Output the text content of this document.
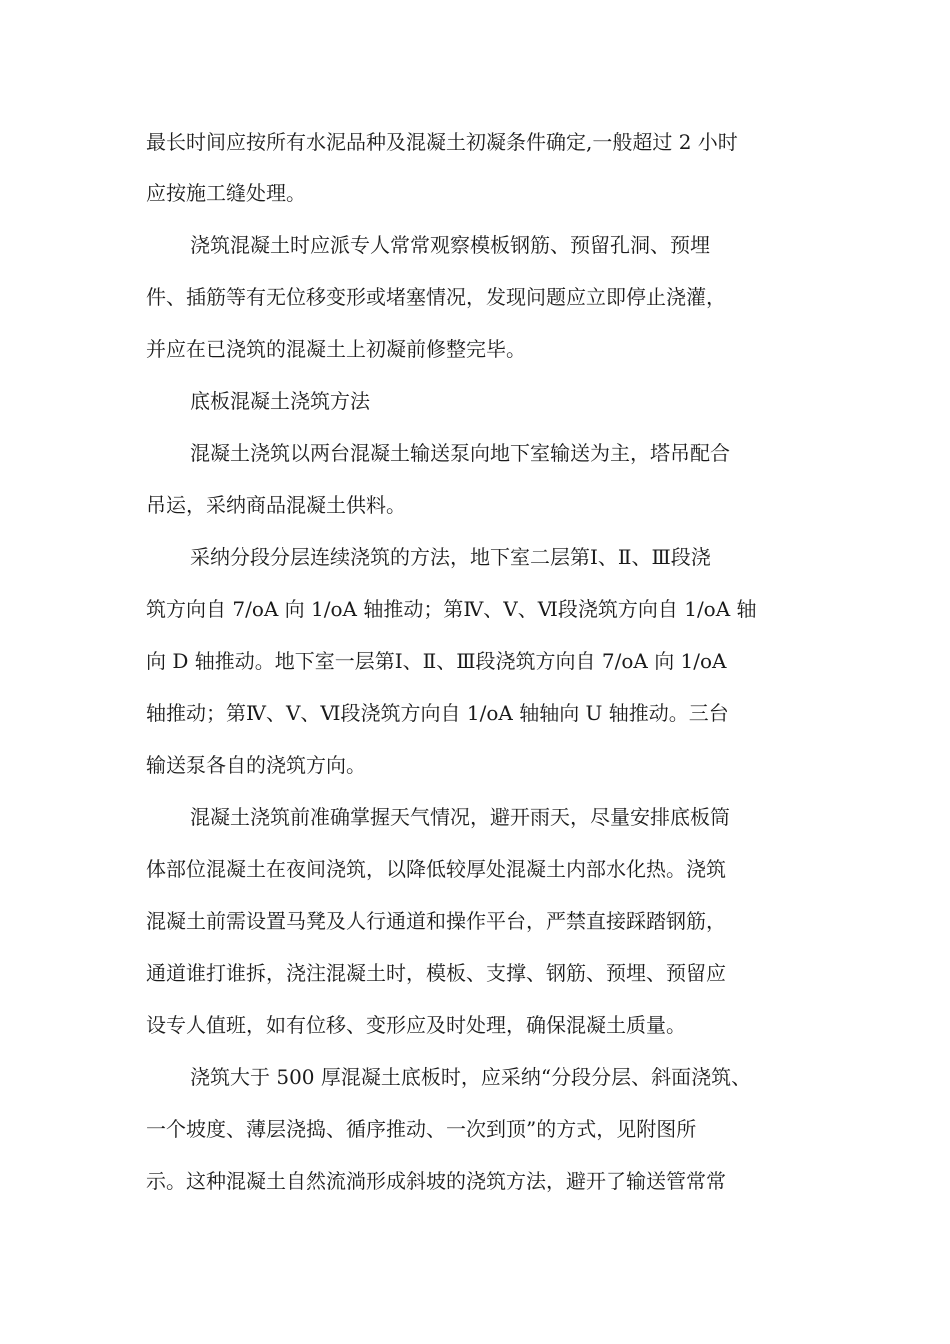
最长时间应按所有水泥品种及混凝土初凝条件确定,一般超过 2 小时
应按施工缝处理。
浇筑混凝土时应派专人常常观察模板钢筋、预留孔洞、预埋
件、插筋等有无位移变形或堵塞情况，发现问题应立即停止浇灌，
并应在已浇筑的混凝土上初凝前修整完毕。
底板混凝土浇筑方法
混凝土浇筑以两台混凝土输送泵向地下室输送为主，塔吊配合
吊运，采纳商品混凝土供料。
采纳分段分层连续浇筑的方法，地下室二层第Ⅰ、Ⅱ、Ⅲ段浇
筑方向自 7/oA 向 1/oA 轴推动；第Ⅳ、Ⅴ、Ⅵ段浇筑方向自 1/oA 轴
向 D 轴推动。地下室一层第Ⅰ、Ⅱ、Ⅲ段浇筑方向自 7/oA 向 1/oA
轴推动；第Ⅳ、Ⅴ、Ⅵ段浇筑方向自 1/oA 轴轴向 U 轴推动。三台
输送泵各自的浇筑方向。
混凝土浇筑前准确掌握天气情况，避开雨天，尽量安排底板筒
体部位混凝土在夜间浇筑，以降低较厚处混凝土内部水化热。浇筑
混凝土前需设置马凳及人行通道和操作平台，严禁直接踩踏钢筋，
通道谁打谁拆，浇注混凝土时，模板、支撑、钢筋、预埋、预留应
设专人值班，如有位移、变形应及时处理，确保混凝土质量。
浇筑大于 500 厚混凝土底板时，应采纳“分段分层、斜面浇筑、
一个坡度、薄层浇捣、循序推动、一次到顶”的方式，见附图所
示。这种混凝土自然流淌形成斜坡的浇筑方法，避开了输送管常常
